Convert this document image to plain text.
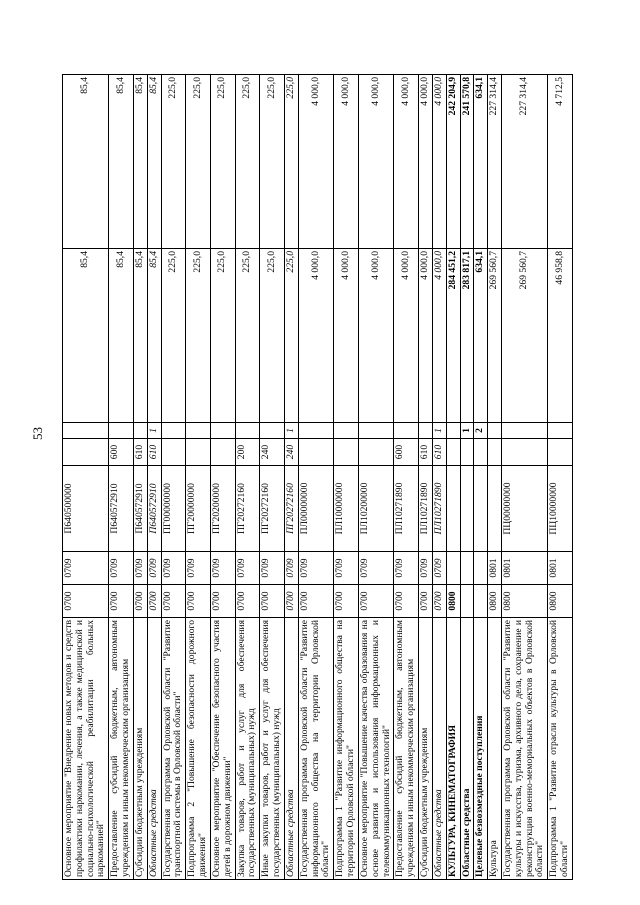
53
Основное мероприятие "Внедрение новых методов и средств профилактики наркомании, лечения, а также медицинской и социально-психологической реабилитации больных наркоманией"	0700	0709	П640500000			85,4	85,4
Предоставление субсидий бюджетным, автономным учреждениям и иным некоммерческим организациям	0700	0709	П640572910	600		85,4	85,4
Субсидии бюджетным учреждениям	0700	0709	П640572910	610		85,4	85,4
Областные средства	0700	0709	П640572910	610	1	85,4	85,4
Государственная программа Орловской области "Развитие транспортной системы в Орловской области"	0700	0709	ПГ00000000			225,0	225,0
Подпрограмма 2 "Повышение безопасности дорожного движения"	0700	0709	ПГ20000000			225,0	225,0
Основное мероприятие "Обеспечение безопасного участия детей в дорожном движении"	0700	0709	ПГ20200000			225,0	225,0
Закупка товаров, работ и услуг для обеспечения государственных (муниципальных) нужд	0700	0709	ПГ20272160	200		225,0	225,0
Иные закупки товаров, работ и услуг для обеспечения государственных (муниципальных) нужд	0700	0709	ПГ20272160	240		225,0	225,0
Областные средства	0700	0709	ПГ20272160	240	1	225,0	225,0
Государственная программа Орловской области "Развитие информационного общества на территории Орловской области"	0700	0709	ПЛ00000000			4 000,0	4 000,0
Подпрограмма 1 "Развитие информационного общества на территории Орловской области"	0700	0709	ПЛ10000000			4 000,0	4 000,0
Основное мероприятие "Повышение качества образования на основе развития и использования информационных и телекоммуникационных технологий"	0700	0709	ПЛ10200000			4 000,0	4 000,0
Предоставление субсидий бюджетным, автономным учреждениям и иным некоммерческим организациям	0700	0709	ПЛ10271890	600		4 000,0	4 000,0
Субсидии бюджетным учреждениям	0700	0709	ПЛ10271890	610		4 000,0	4 000,0
Областные средства	0700	0709	ПЛ10271890	610	1	4 000,0	4 000,0
КУЛЬТУРА, КИНЕМАТОГРАФИЯ	0800					284 451,2	242 204,9
Областные средства					1	283 817,1	241 570,8
Целевые безвозмездные поступления					2	634,1	634,1
Культура	0800	0801				269 560,7	227 314,4
Государственная программа Орловской области "Развитие культуры и искусства, туризма, архивного дела, сохранение и реконструкция военно-мемориальных объектов в Орловской области"	0800	0801	ПЦ00000000			269 560,7	227 314,4
Подпрограмма 1 "Развитие отрасли культуры в Орловской области"	0800	0801	ПЦ10000000			46 958,8	4 712,5
